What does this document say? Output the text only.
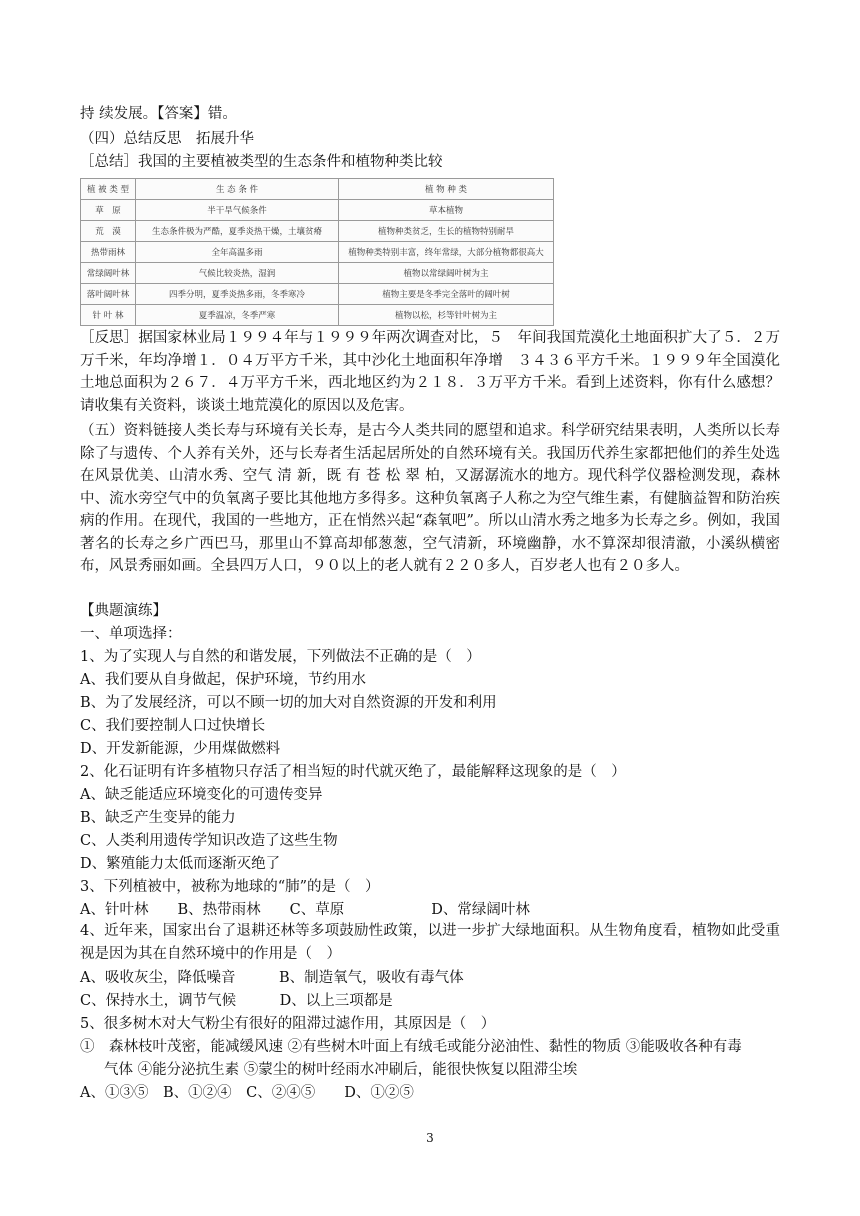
持 续发展。【答案】错。
（四）总结反思　拓展升华
［总结］我国的主要植被类型的生态条件和植物种类比较
植 被 类 型	生 态 条 件	植 物 种 类
草　原	半干旱气候条件	草本植物
荒　漠	生态条件极为严酷，夏季炎热干燥，土壤贫瘠	植物种类贫乏，生长的植物特别耐旱
热带雨林	全年高温多雨	植物种类特别丰富，终年常绿，大部分植物都很高大
常绿阔叶林	气候比较炎热，湿润	植物以常绿阔叶树为主
落叶阔叶林	四季分明，夏季炎热多雨，冬季寒冷	植物主要是冬季完全落叶的阔叶树
针 叶 林	夏季温凉，冬季严寒	植物以松，杉等针叶树为主
［反思］据国家林业局１９９４年与１９９９年两次调查对比，５　年间我国荒漠化土地面积扩大了５．２万万千米，年均净增１．０４万平方千米，其中沙化土地面积年净增　３４３６平方千米。１９９９年全国漠化土地总面积为２６７．４万平方千米，西北地区约为２１８．３万平方千米。看到上述资料，你有什么感想？请收集有关资料，谈谈土地荒漠化的原因以及危害。
（五）资料链接人类长寿与环境有关长寿，是古今人类共同的愿望和追求。科学研究结果表明，人类所以长寿除了与遗传、个人养有关外，还与长寿者生活起居所处的自然环境有关。我国历代养生家都把他们的养生处选在风景优美、山清水秀、空气 清 新，既 有 苍 松 翠 柏，又潺潺流水的地方。现代科学仪器检测发现，森林中、流水旁空气中的负氧离子要比其他地方多得多。这种负氧离子人称之为空气维生素，有健脑益智和防治疾病的作用。在现代，我国的一些地方，正在悄然兴起“森氧吧”。所以山清水秀之地多为长寿之乡。例如，我国著名的长寿之乡广西巴马，那里山不算高却郁葱葱，空气清新，环境幽静，水不算深却很清澈，小溪纵横密布，风景秀丽如画。全县四万人口，９０以上的老人就有２２０多人，百岁老人也有２０多人。
【典题演练】
一、单项选择：
1、为了实现人与自然的和谐发展，下列做法不正确的是（　）
A、我们要从自身做起，保护环境，节约用水
B、为了发展经济，可以不顾一切的加大对自然资源的开发和利用
C、我们要控制人口过快增长
D、开发新能源，少用煤做燃料
2、化石证明有许多植物只存活了相当短的时代就灭绝了，最能解释这现象的是（　）
A、缺乏能适应环境变化的可遗传变异
B、缺乏产生变异的能力
C、人类利用遗传学知识改造了这些生物
D、繁殖能力太低而逐渐灭绝了
3、下列植被中，被称为地球的“肺”的是（　）
A、针叶林　　B、热带雨林　　C、草原　　　　　　D、常绿阔叶林
4、近年来，国家出台了退耕还林等多项鼓励性政策，以进一步扩大绿地面积。从生物角度看，植物如此受重视是因为其在自然环境中的作用是（　）
A、吸收灰尘，降低噪音　　　B、制造氧气，吸收有毒气体
C、保持水土，调节气候　　　D、以上三项都是
5、很多树木对大气粉尘有很好的阻滞过滤作用，其原因是（　）
①　森林枝叶茂密，能减缓风速 ②有些树木叶面上有绒毛或能分泌油性、黏性的物质 ③能吸收各种有毒
气体 ④能分泌抗生素 ⑤蒙尘的树叶经雨水冲刷后，能很快恢复以阻滞尘埃
A、①③⑤　B、①②④　C、②④⑤　　D、①②⑤
3
